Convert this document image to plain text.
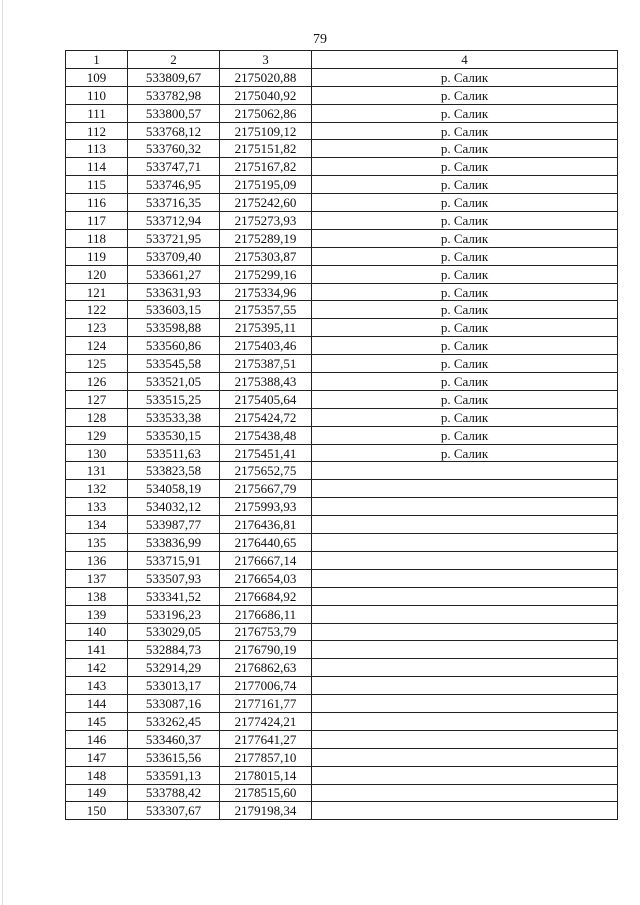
79
1	2	3	4
109	533809,67	2175020,88	р. Салик
110	533782,98	2175040,92	р. Салик
111	533800,57	2175062,86	р. Салик
112	533768,12	2175109,12	р. Салик
113	533760,32	2175151,82	р. Салик
114	533747,71	2175167,82	р. Салик
115	533746,95	2175195,09	р. Салик
116	533716,35	2175242,60	р. Салик
117	533712,94	2175273,93	р. Салик
118	533721,95	2175289,19	р. Салик
119	533709,40	2175303,87	р. Салик
120	533661,27	2175299,16	р. Салик
121	533631,93	2175334,96	р. Салик
122	533603,15	2175357,55	р. Салик
123	533598,88	2175395,11	р. Салик
124	533560,86	2175403,46	р. Салик
125	533545,58	2175387,51	р. Салик
126	533521,05	2175388,43	р. Салик
127	533515,25	2175405,64	р. Салик
128	533533,38	2175424,72	р. Салик
129	533530,15	2175438,48	р. Салик
130	533511,63	2175451,41	р. Салик
131	533823,58	2175652,75	
132	534058,19	2175667,79	
133	534032,12	2175993,93	
134	533987,77	2176436,81	
135	533836,99	2176440,65	
136	533715,91	2176667,14	
137	533507,93	2176654,03	
138	533341,52	2176684,92	
139	533196,23	2176686,11	
140	533029,05	2176753,79	
141	532884,73	2176790,19	
142	532914,29	2176862,63	
143	533013,17	2177006,74	
144	533087,16	2177161,77	
145	533262,45	2177424,21	
146	533460,37	2177641,27	
147	533615,56	2177857,10	
148	533591,13	2178015,14	
149	533788,42	2178515,60	
150	533307,67	2179198,34	
